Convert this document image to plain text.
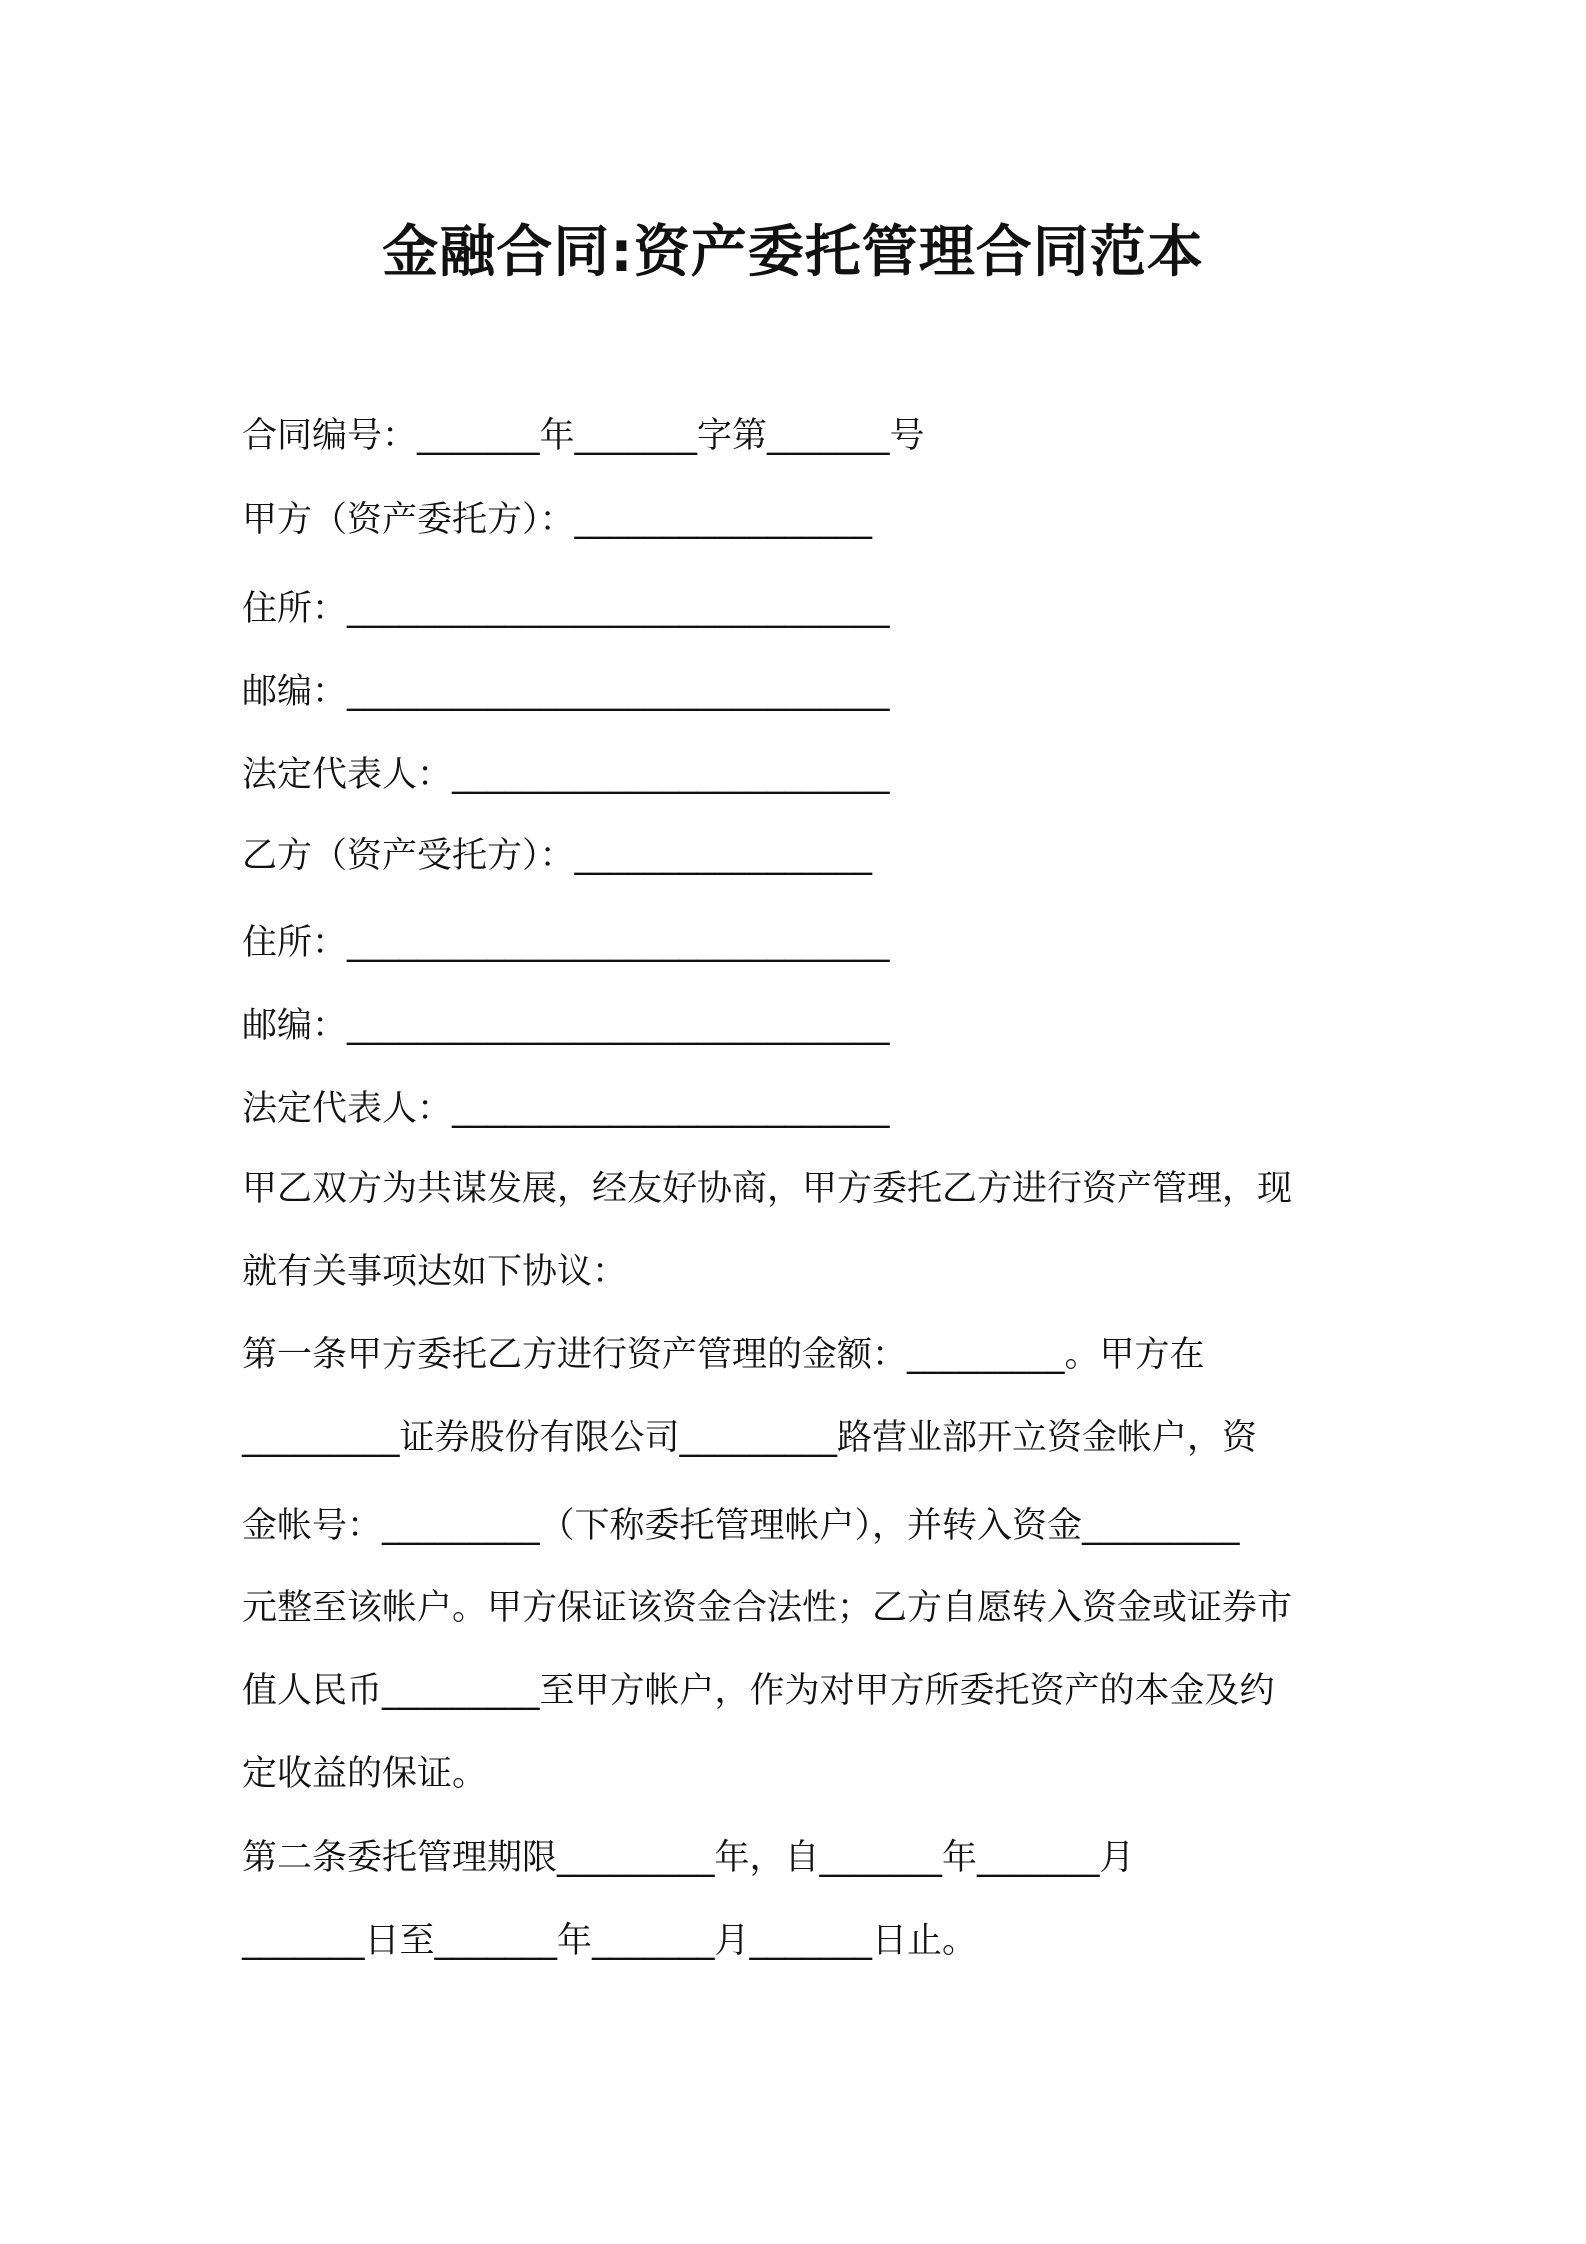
金融合同:资产委托管理合同范本
合同编号：_______年_______字第_______号
甲方（资产委托方）：_________________
住所：_______________________________
邮编：_______________________________
法定代表人：_________________________
乙方（资产受托方）：_________________
住所：_______________________________
邮编：_______________________________
法定代表人：_________________________
甲乙双方为共谋发展，经友好协商，甲方委托乙方进行资产管理，现
就有关事项达如下协议：
第一条甲方委托乙方进行资产管理的金额：_________。甲方在
_________证券股份有限公司_________路营业部开立资金帐户，资
金帐号：_________（下称委托管理帐户），并转入资金_________
元整至该帐户。甲方保证该资金合法性；乙方自愿转入资金或证券市
值人民币_________至甲方帐户，作为对甲方所委托资产的本金及约
定收益的保证。
第二条委托管理期限_________年，自_______年_______月
_______日至_______年_______月_______日止。
